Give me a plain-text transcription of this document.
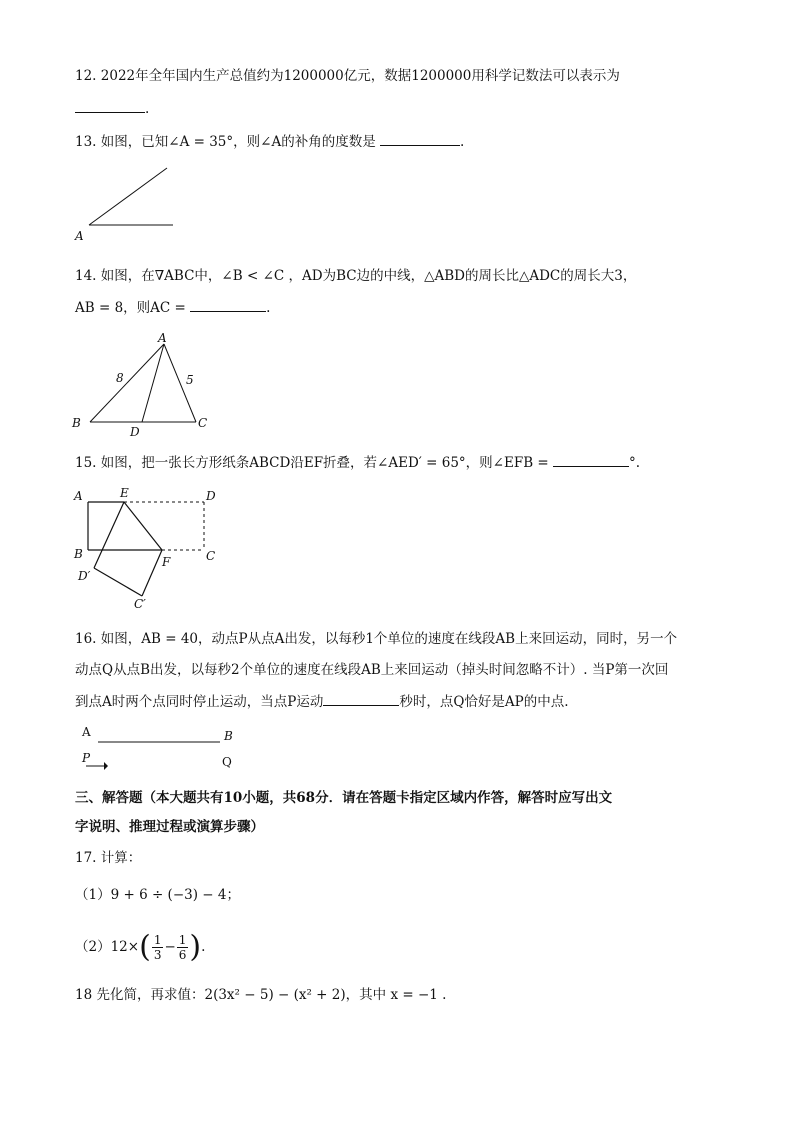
12. 2022年全年国内生产总值约为1200000亿元，数据1200000用科学记数法可以表示为
.
13. 如图，已知∠A = 35°，则∠A的补角的度数是	.
A
14. 如图，在∇ABC中，∠B < ∠C ，AD为BC边的中线，△ABD的周长比△ADC的周长大3，
AB = 8，则AC =	.
A
B	C
D
8	5
15. 如图，把一张长方形纸条ABCD沿EF折叠，若∠AED′ = 65°，则∠EFB =	°.
A	E	D
B
F	C
D′
C′
16. 如图，AB = 40，动点P从点A出发，以每秒1个单位的速度在线段AB上来回运动，同时，另一个
动点Q从点B出发，以每秒2个单位的速度在线段AB上来回运动（掉头时间忽略不计）. 当P第一次回
到点A时两个点同时停止运动，当点P运动	秒时，点Q恰好是AP的中点.
A	B
P	Q
三、解答题（本大题共有10小题，共68分．请在答题卡指定区域内作答，解答时应写出文
字说明、推理过程或演算步骤）
17. 计算：
（1）9 + 6 ÷ (−3) − 4；
$(2)12\times( \frac{1}{3} - \frac{1}{6}$ ).
18 先化简，再求值：2(3x² − 5) − (x² + 2)，其中 x = −1 .
